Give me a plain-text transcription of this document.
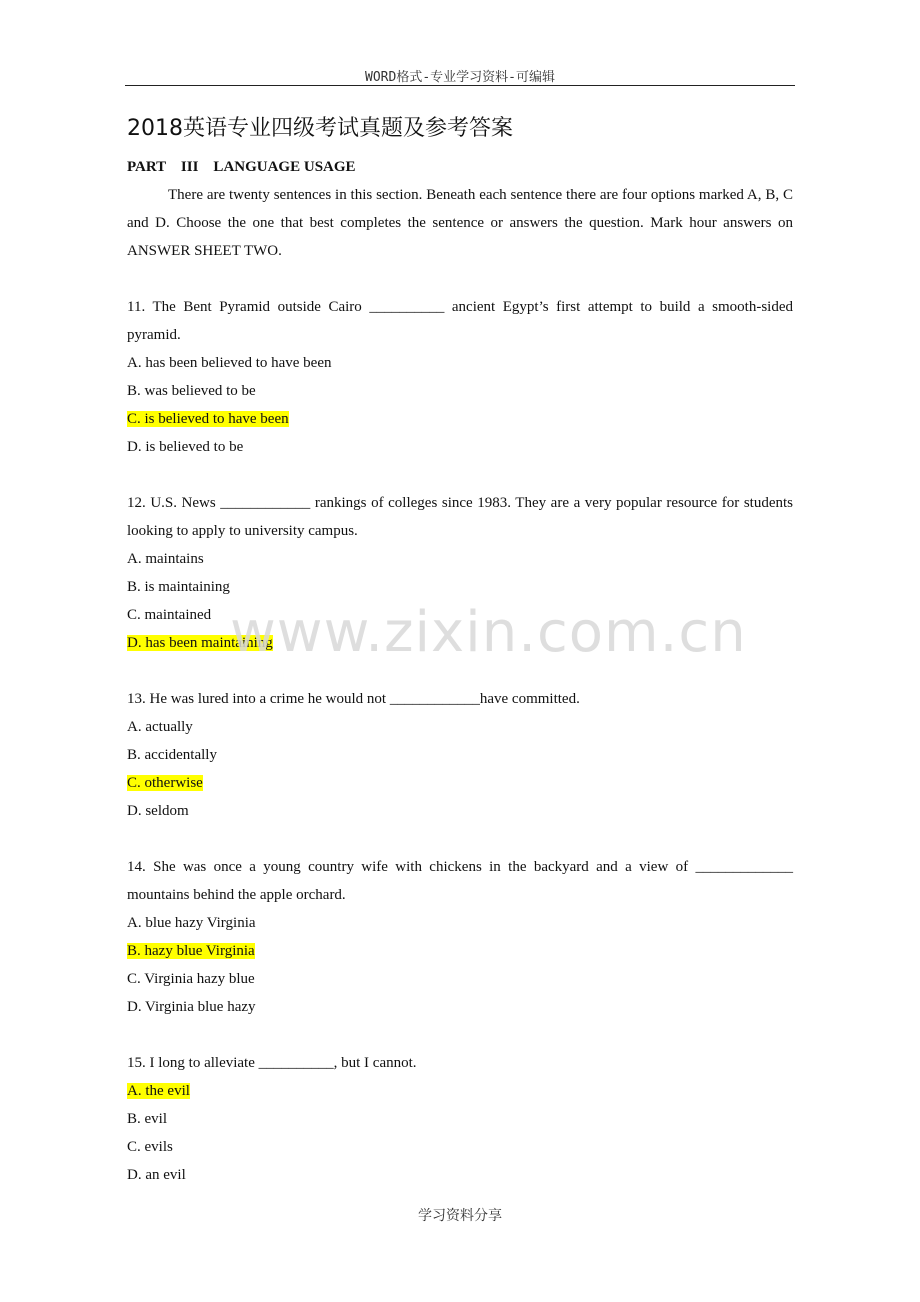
WORD格式-专业学习资料-可编辑
2018英语专业四级考试真题及参考答案
PART    III    LANGUAGE USAGE
There are twenty sentences in this section. Beneath each sentence there are four options marked A, B, C and D. Choose the one that best completes the sentence or answers the question. Mark hour answers on ANSWER SHEET TWO.
11. The Bent Pyramid outside Cairo __________ ancient Egypt’s first attempt to build a smooth-sided pyramid.
A. has been believed to have been
B. was believed to be
C. is believed to have been
D. is believed to be
12. U.S. News ____________ rankings of colleges since 1983. They are a very popular resource for students looking to apply to university campus.
A. maintains
B. is maintaining
C. maintained
D. has been maintaining
13. He was lured into a crime he would not ____________have committed.
A. actually
B. accidentally
C. otherwise
D. seldom
14. She was once a young country wife with chickens in the backyard and a view of _____________ mountains behind the apple orchard.
A. blue hazy Virginia
B. hazy blue Virginia
C. Virginia hazy blue
D. Virginia blue hazy
15. I long to alleviate __________, but I cannot.
A. the evil
B. evil
C. evils
D. an evil
www.zixin.com.cn
学习资料分享
